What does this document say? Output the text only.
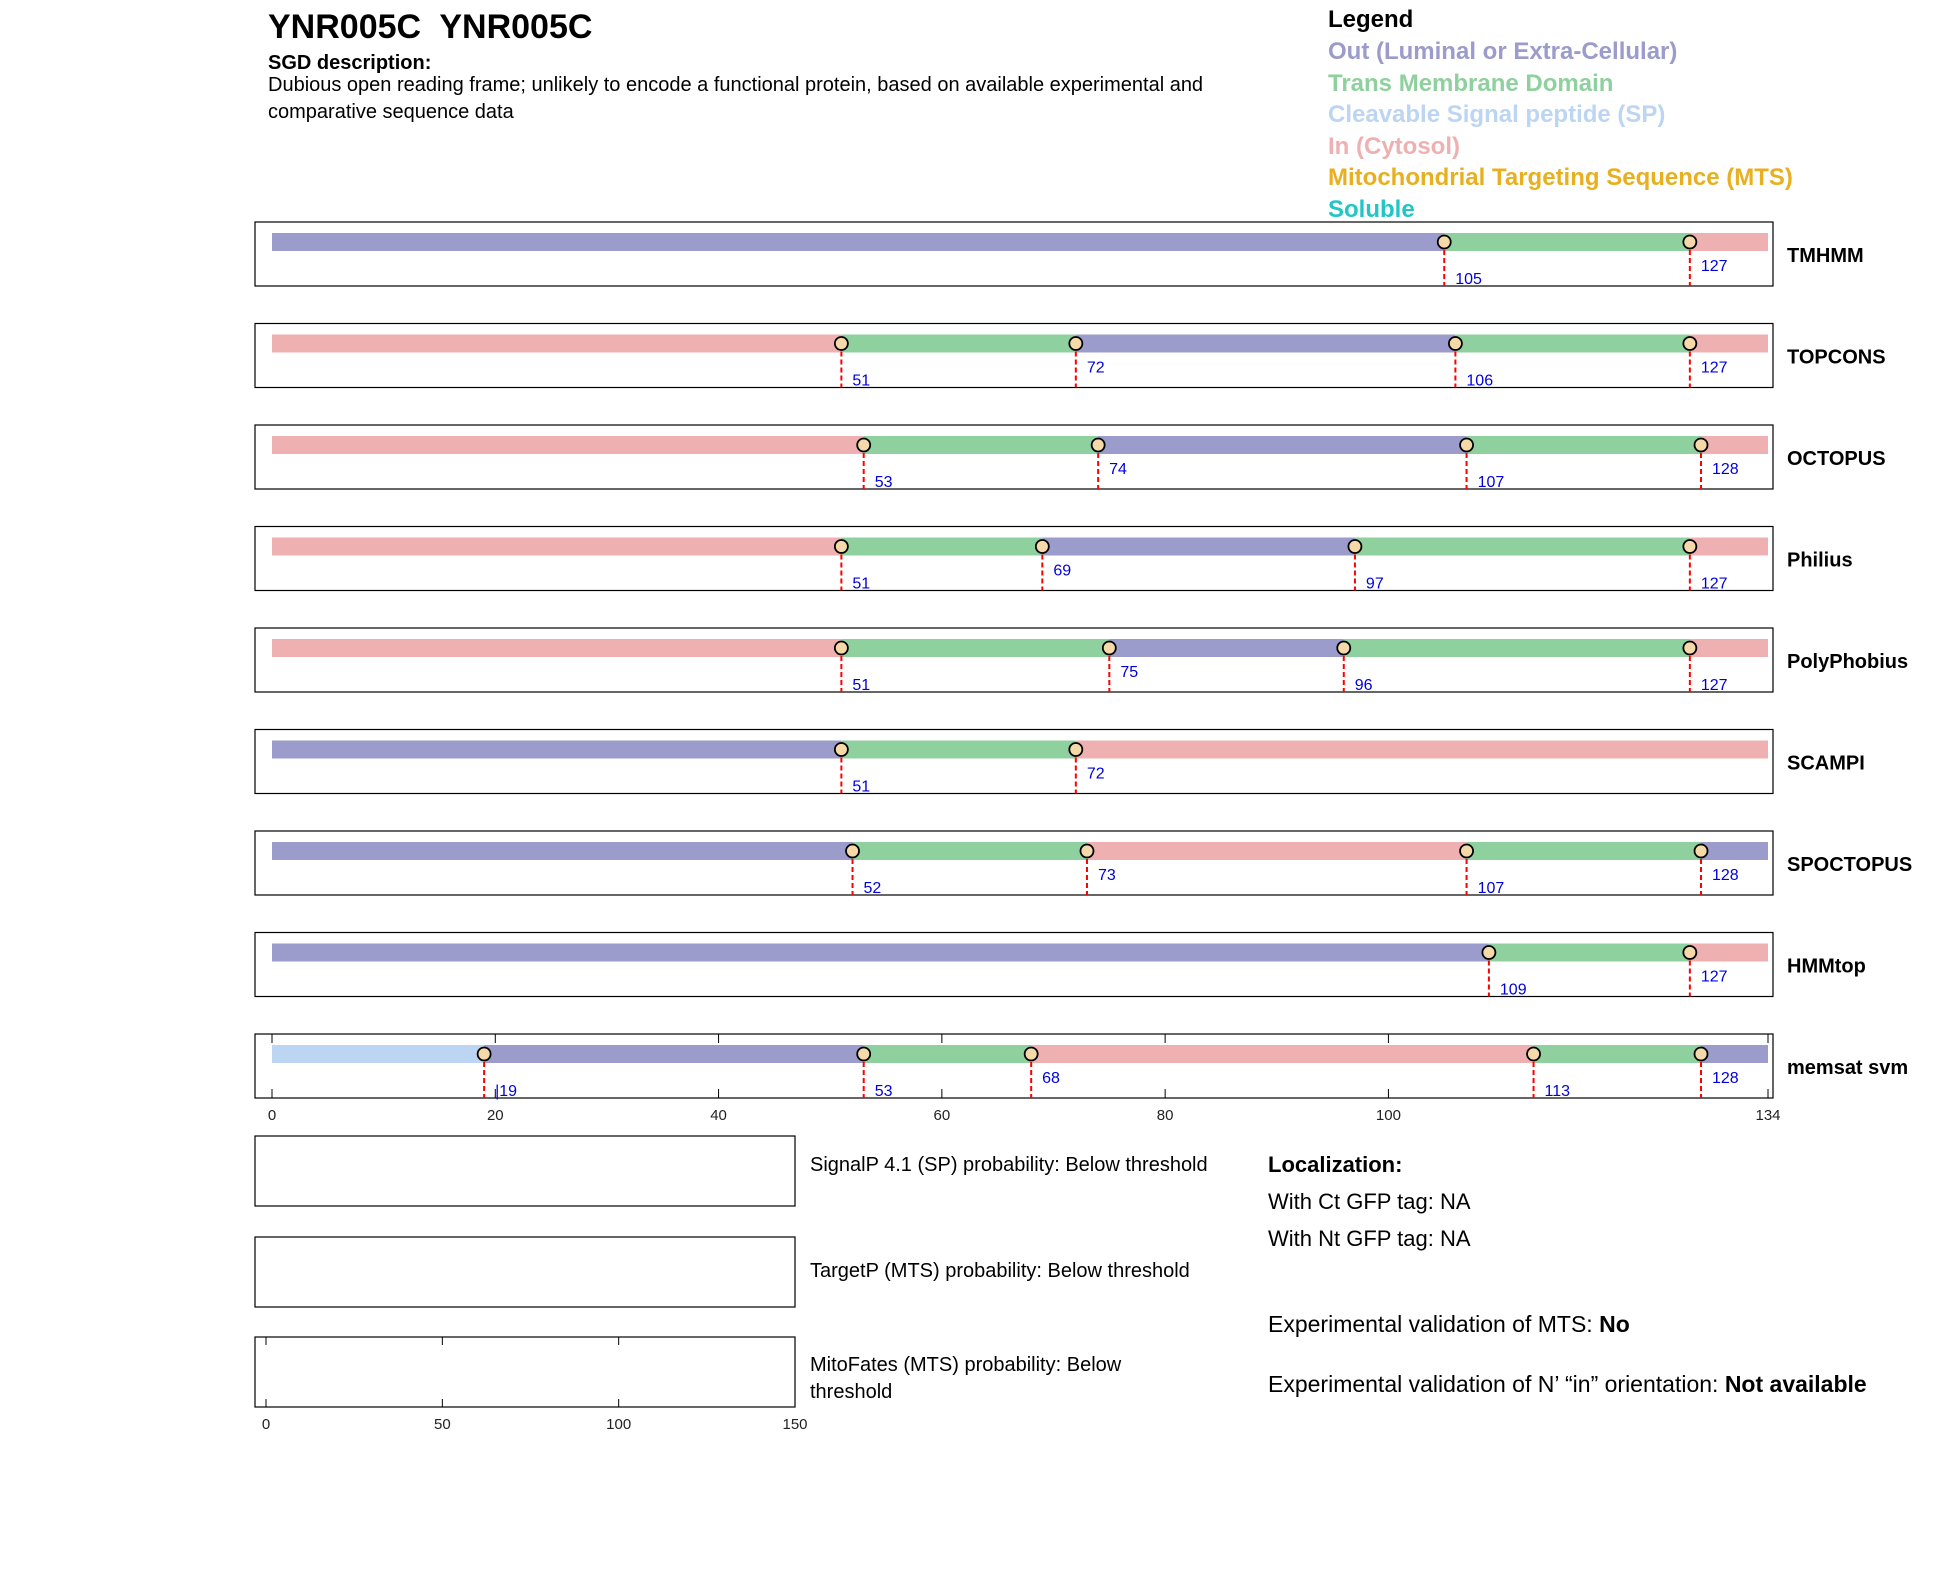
YNR005C  YNR005C
SGD description:
Dubious open reading frame; unlikely to encode a functional protein, based on available experimental and comparative sequence data
Legend
Out (Luminal or Extra-Cellular)
Trans Membrane Domain
Cleavable Signal peptide (SP)
In (Cytosol)
Mitochondrial Targeting Sequence (MTS)
Soluble
105
127	TMHMM
51
72
106
127	TOPCONS
53
74
107
128 OCTOPUS
51
69
97	127
Philius
51
75
96	127
PolyPhobius
51
72	SCAMPI
52
73
107
128 SPOCTOPUS
109
127	HMMtop
0	20	40	60	80	100	134
|19	53
68
113
128 memsat svm
0	50	100	150
SignalP 4.1 (SP) probability: Below threshold
TargetP (MTS) probability: Below threshold
MitoFates (MTS) probability: Below threshold
Localization:
With Ct GFP tag: NA
With Nt GFP tag: NA
Experimental validation of MTS: No
Experimental validation of N’ “in” orientation: Not available
